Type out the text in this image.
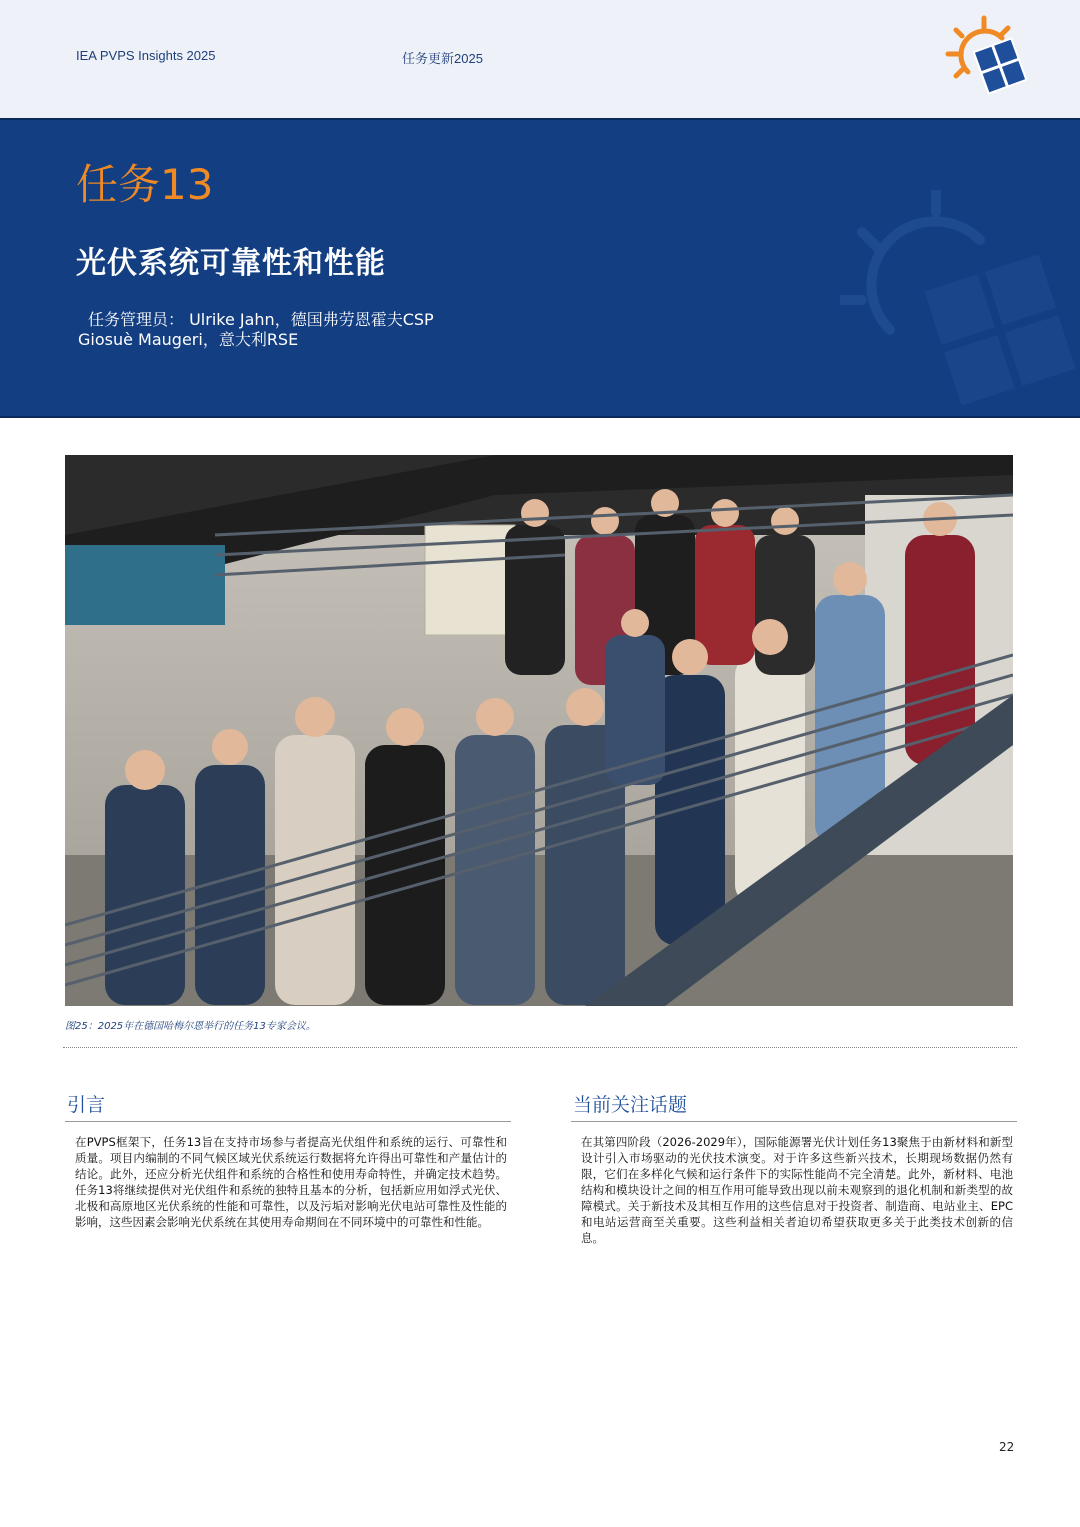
IEA PVPS Insights 2025	任务更新2025
任务13
光伏系统可靠性和性能
任务管理员： Ulrike Jahn，德国弗劳恩霍夫CSP
Giosuè Maugeri，意大利RSE
图25：2025年在德国哈梅尔恩举行的任务13专家会议。
引言
在PVPS框架下，任务13旨在支持市场参与者提高光伏组件和系统的运行、可靠性和质量。项目内编制的不同气候区域光伏系统运行数据将允许得出可靠性和产量估计的结论。此外，还应分析光伏组件和系统的合格性和使用寿命特性，并确定技术趋势。任务13将继续提供对光伏组件和系统的独特且基本的分析，包括新应用如浮式光伏、北极和高原地区光伏系统的性能和可靠性，以及污垢对影响光伏电站可靠性及性能的影响，这些因素会影响光伏系统在其使用寿命期间在不同环境中的可靠性和性能。
当前关注话题
在其第四阶段（2026-2029年），国际能源署光伏计划任务13聚焦于由新材料和新型设计引入市场驱动的光伏技术演变。对于许多这些新兴技术，长期现场数据仍然有限，它们在多样化气候和运行条件下的实际性能尚不完全清楚。此外，新材料、电池结构和模块设计之间的相互作用可能导致出现以前未观察到的退化机制和新类型的故障模式。关于新技术及其相互作用的这些信息对于投资者、制造商、电站业主、EPC和电站运营商至关重要。这些利益相关者迫切希望获取更多关于此类技术创新的信息。
22
